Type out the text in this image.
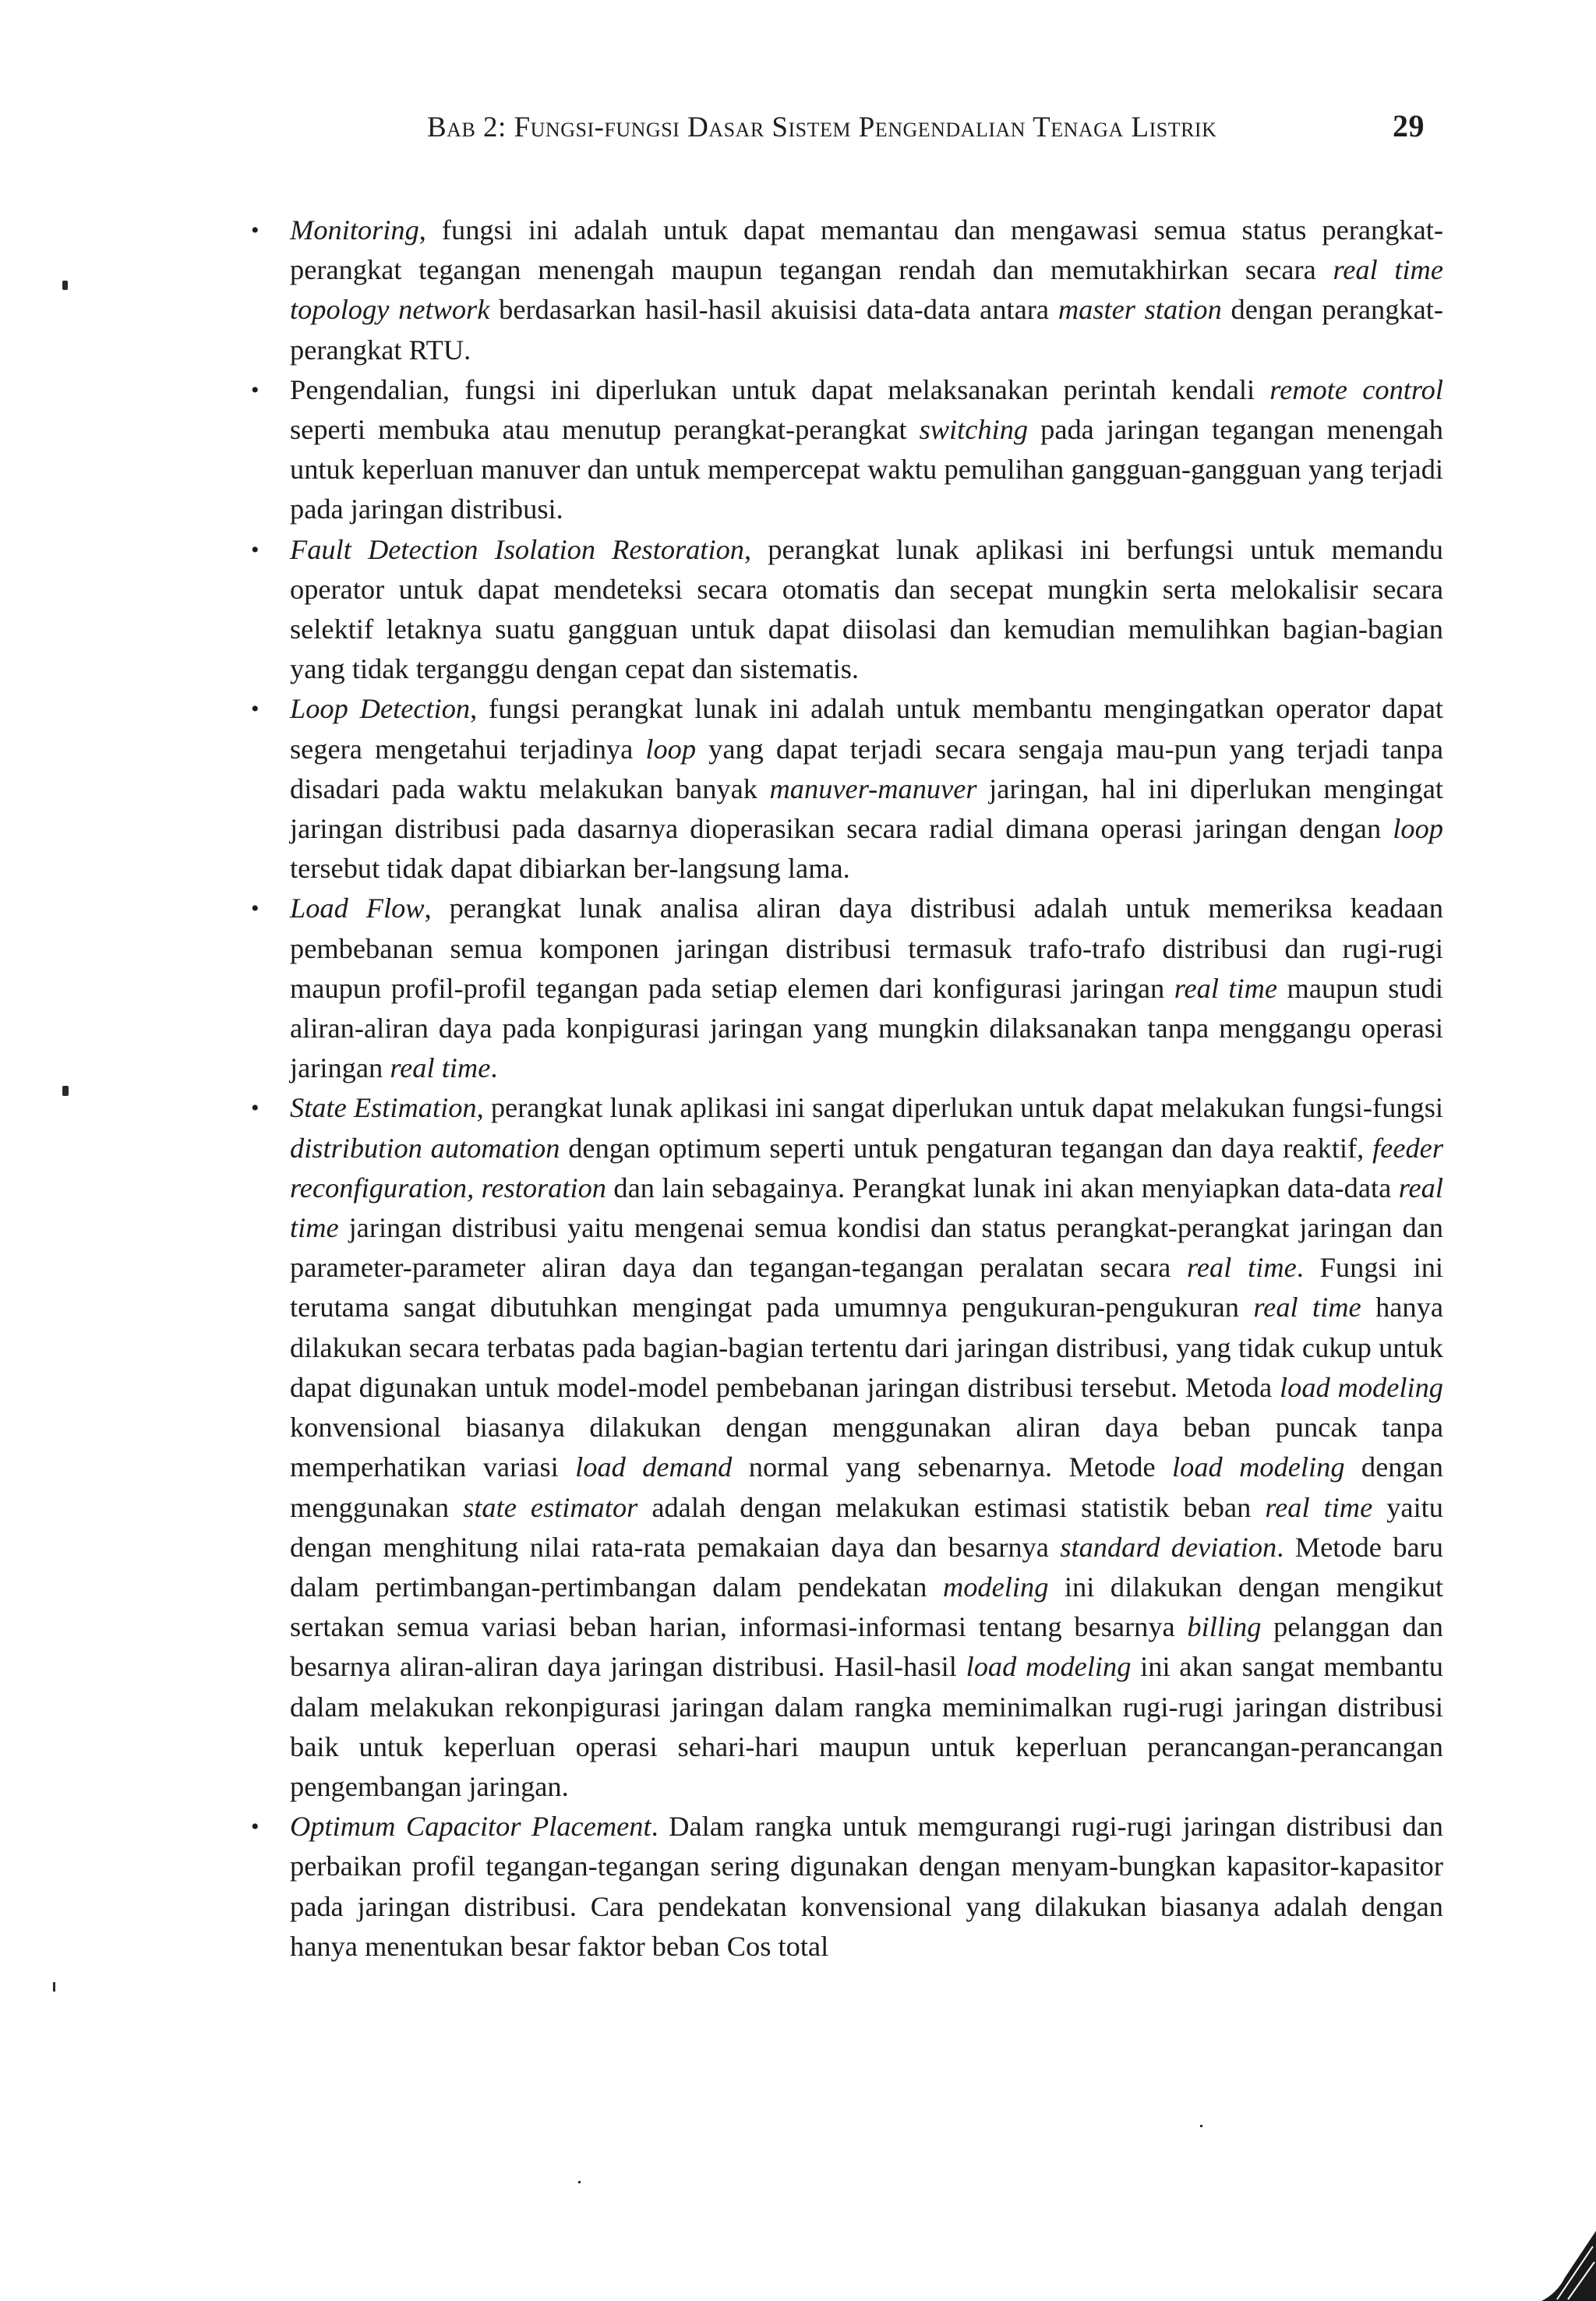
Bab 2: Fungsi-fungsi Dasar Sistem Pengendalian Tenaga Listrik	29

• Monitoring, fungsi ini adalah untuk dapat memantau dan mengawasi semua status perangkat-perangkat tegangan menengah maupun tegangan rendah dan memutakhirkan secara real time topology network berdasarkan hasil-hasil akuisisi data-data antara master station dengan perangkat-perangkat RTU.

• Pengendalian, fungsi ini diperlukan untuk dapat melaksanakan perintah kendali remote control seperti membuka atau menutup perangkat-perangkat switching pada jaringan tegangan menengah untuk keperluan manuver dan untuk mempercepat waktu pemulihan gangguan-gangguan yang terjadi pada jaringan distribusi.

• Fault Detection Isolation Restoration, perangkat lunak aplikasi ini berfungsi untuk memandu operator untuk dapat mendeteksi secara otomatis dan secepat mungkin serta melokalisir secara selektif letaknya suatu gangguan untuk dapat diisolasi dan kemudian memulihkan bagian-bagian yang tidak terganggu dengan cepat dan sistematis.

• Loop Detection, fungsi perangkat lunak ini adalah untuk membantu mengingatkan operator dapat segera mengetahui terjadinya loop yang dapat terjadi secara sengaja mau-pun yang terjadi tanpa disadari pada waktu melakukan banyak manuver-manuver jaringan, hal ini diperlukan mengingat jaringan distribusi pada dasarnya dioperasikan secara radial dimana operasi jaringan dengan loop tersebut tidak dapat dibiarkan ber-langsung lama.

• Load Flow, perangkat lunak analisa aliran daya distribusi adalah untuk memeriksa keadaan pembebanan semua komponen jaringan distribusi termasuk trafo-trafo distribusi dan rugi-rugi maupun profil-profil tegangan pada setiap elemen dari konfigurasi jaringan real time maupun studi aliran-aliran daya pada konpigurasi jaringan yang mungkin dilaksanakan tanpa menggangu operasi jaringan real time.

• State Estimation, perangkat lunak aplikasi ini sangat diperlukan untuk dapat melakukan fungsi-fungsi distribution automation dengan optimum seperti untuk pengaturan tegangan dan daya reaktif, feeder reconfiguration, restoration dan lain sebagainya. Perangkat lunak ini akan menyiapkan data-data real time jaringan distribusi yaitu mengenai semua kondisi dan status perangkat-perangkat jaringan dan parameter-parameter aliran daya dan tegangan-tegangan peralatan secara real time. Fungsi ini terutama sangat dibutuhkan mengingat pada umumnya pengukuran-pengukuran real time hanya dilakukan secara terbatas pada bagian-bagian tertentu dari jaringan distribusi, yang tidak cukup untuk dapat digunakan untuk model-model pembebanan jaringan distribusi tersebut. Metoda load modeling konvensional biasanya dilakukan dengan menggunakan aliran daya beban puncak tanpa memperhatikan variasi load demand normal yang sebenarnya. Metode load modeling dengan menggunakan state estimator adalah dengan melakukan estimasi statistik beban real time yaitu dengan menghitung nilai rata-rata pemakaian daya dan besarnya standard deviation. Metode baru dalam pertimbangan-pertimbangan dalam pendekatan modeling ini dilakukan dengan mengikut sertakan semua variasi beban harian, informasi-informasi tentang besarnya billing pelanggan dan besarnya aliran-aliran daya jaringan distribusi. Hasil-hasil load modeling ini akan sangat membantu dalam melakukan rekonpigurasi jaringan dalam rangka meminimalkan rugi-rugi jaringan distribusi baik untuk keperluan operasi sehari-hari maupun untuk keperluan perancangan-perancangan pengembangan jaringan.

• Optimum Capacitor Placement. Dalam rangka untuk memgurangi rugi-rugi jaringan distribusi dan perbaikan profil tegangan-tegangan sering digunakan dengan menyam-bungkan kapasitor-kapasitor pada jaringan distribusi. Cara pendekatan konvensional yang dilakukan biasanya adalah dengan hanya menentukan besar faktor beban Cos total
